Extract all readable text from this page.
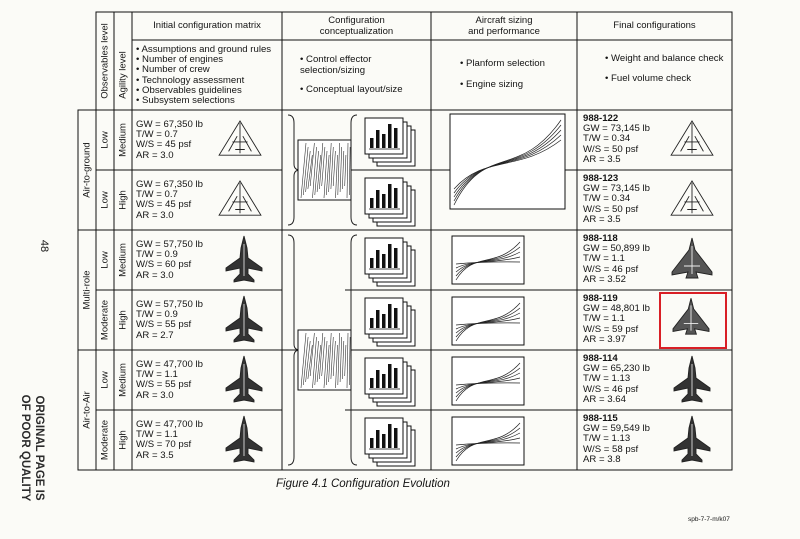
Observables level Agility level
Initial configuration matrix	Configuration
conceptualization
Aircraft sizing
and performance
Final configurations
• Assumptions and ground rules
• Number of engines
• Number of crew
• Technology assessment
• Observables guidelines
• Subsystem selections
• Control effector selection/sizing
• Conceptual layout/size
• Planform selection
• Engine sizing
• Weight and balance check
• Fuel volume check
Air-to-ground
Multi-role
Air-to-Air
Low
Low
Low
Moderate
Low
Moderate
Medium
High
Medium
High
Medium
High
GW = 67,350 lb
T/W = 0.7
W/S = 45 psf
AR = 3.0
GW = 67,350 lb
T/W = 0.7
W/S = 45 psf
AR = 3.0
GW = 57,750 lb
T/W = 0.9
W/S = 60 psf
AR = 3.0
GW = 57,750 lb
T/W = 0.9
W/S = 55 psf
AR = 2.7
GW = 47,700 lb
T/W = 1.1
W/S = 55 psf
AR = 3.0
GW = 47,700 lb
T/W = 1.1
W/S = 70 psf
AR = 3.5
988-122
GW = 73,145 lb
T/W = 0.34
W/S = 50 psf
AR = 3.5
988-123
GW = 73,145 lb
T/W = 0.34
W/S = 50 psf
AR = 3.5
988-118
GW = 50,899 lb
T/W = 1.1
W/S = 46 psf
AR = 3.52
988-119
GW = 48,801 lb
T/W = 1.1
W/S = 59 psf
AR = 3.97
988-114
GW = 65,230 lb
T/W = 1.13
W/S = 46 psf
AR = 3.64
988-115
GW = 59,549 lb
T/W = 1.13
W/S = 58 psf
AR = 3.8
Figure 4.1 Configuration Evolution
spb-7-7-m/k07
48
ORIGINAL PAGE IS
OF POOR QUALITY
